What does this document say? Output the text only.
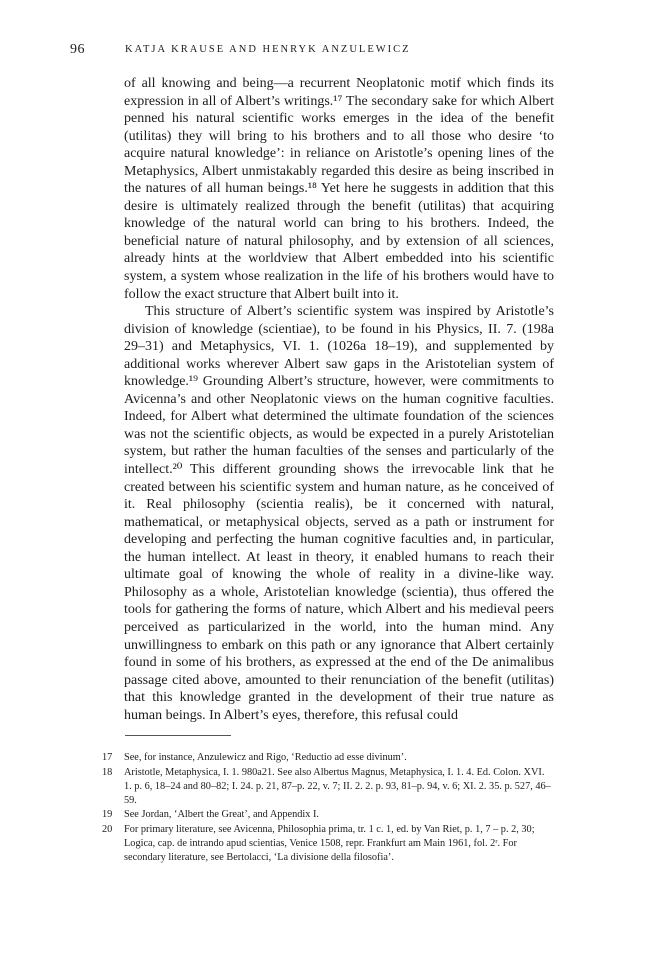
96	KATJA KRAUSE AND HENRYK ANZULEWICZ

of all knowing and being—a recurrent Neoplatonic motif which finds its expression in all of Albert’s writings.¹⁷ The secondary sake for which Albert penned his natural scientific works emerges in the idea of the benefit (utilitas) they will bring to his brothers and to all those who desire ‘to acquire natural knowledge’: in reliance on Aristotle’s opening lines of the Metaphysics, Albert unmistakably regarded this desire as being inscribed in the natures of all human beings.¹⁸ Yet here he suggests in addition that this desire is ultimately realized through the benefit (utilitas) that acquiring knowledge of the natural world can bring to his brothers. Indeed, the beneficial nature of natural philosophy, and by extension of all sciences, already hints at the worldview that Albert embedded into his scientific system, a system whose realization in the life of his brothers would have to follow the exact structure that Albert built into it.

This structure of Albert’s scientific system was inspired by Aristotle’s division of knowledge (scientiae), to be found in his Physics, II. 7. (198a 29–31) and Metaphysics, VI. 1. (1026a 18–19), and supplemented by additional works wherever Albert saw gaps in the Aristotelian system of knowledge.¹⁹ Grounding Albert’s structure, however, were commitments to Avicenna’s and other Neoplatonic views on the human cognitive faculties. Indeed, for Albert what determined the ultimate foundation of the sciences was not the scientific objects, as would be expected in a purely Aristotelian system, but rather the human faculties of the senses and particularly of the intellect.²⁰ This different grounding shows the irrevocable link that he created between his scientific system and human nature, as he conceived of it. Real philosophy (scientia realis), be it concerned with natural, mathematical, or metaphysical objects, served as a path or instrument for developing and perfecting the human cognitive faculties and, in particular, the human intellect. At least in theory, it enabled humans to reach their ultimate goal of knowing the whole of reality in a divine-like way. Philosophy as a whole, Aristotelian knowledge (scientia), thus offered the tools for gathering the forms of nature, which Albert and his medieval peers perceived as particularized in the world, into the human mind. Any unwillingness to embark on this path or any ignorance that Albert certainly found in some of his brothers, as expressed at the end of the De animalibus passage cited above, amounted to their renunciation of the benefit (utilitas) that this knowledge granted in the development of their true nature as human beings. In Albert’s eyes, therefore, this refusal could

17	See, for instance, Anzulewicz and Rigo, ‘Reductio ad esse divinum’.
18	Aristotle, Metaphysica, I. 1. 980a21. See also Albertus Magnus, Metaphysica, I. 1. 4. Ed. Colon. XVI. 1. p. 6, 18–24 and 80–82; I. 24. p. 21, 87–p. 22, v. 7; II. 2. 2. p. 93, 81–p. 94, v. 6; XI. 2. 35. p. 527, 46–59.
19	See Jordan, ‘Albert the Great’, and Appendix I.
20	For primary literature, see Avicenna, Philosophia prima, tr. 1 c. 1, ed. by Van Riet, p. 1, 7 – p. 2, 30; Logica, cap. de intrando apud scientias, Venice 1508, repr. Frankfurt am Main 1961, fol. 2ʳ. For secondary literature, see Bertolacci, ‘La divisione della filosofia’.
